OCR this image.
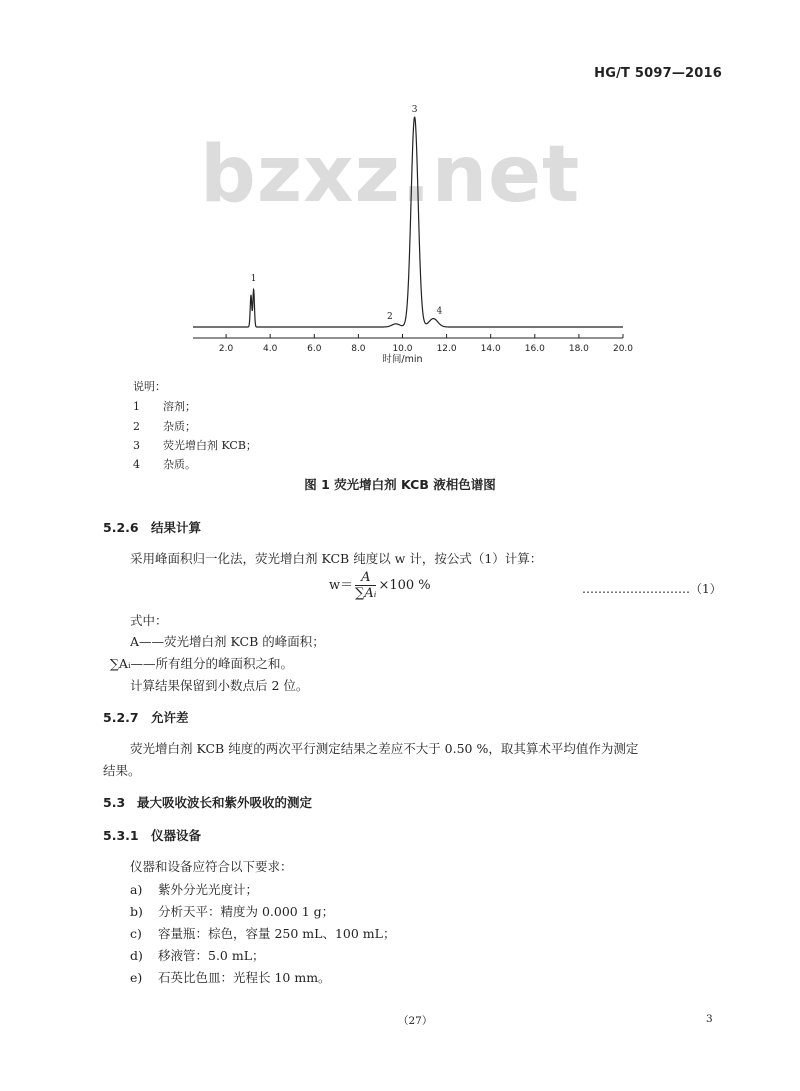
HG/T 5097—2016
bzxz.net
2.0	4.0	6.0	8.0	10.0	12.0	14.0	16.0	18.0	20.0
时间/min
1
2
3
4
说明：
1 溶剂；
2 杂质；
3 荧光增白剂 KCB；
4 杂质。
图 1 荧光增白剂 KCB 液相色谱图
5.2.6 结果计算
采用峰面积归一化法，荧光增白剂 KCB 纯度以 w 计，按公式（1）计算：
$w= \frac{A}{\text{∑Aᵢ}} \times 100$ %	………………………（1）
式中：
A——荧光增白剂 KCB 的峰面积；
∑Aᵢ——所有组分的峰面积之和。
计算结果保留到小数点后 2 位。
5.2.7 允许差
荧光增白剂 KCB 纯度的两次平行测定结果之差应不大于 0.50 %，取其算术平均值作为测定
结果。
5.3 最大吸收波长和紫外吸收的测定
5.3.1 仪器设备
仪器和设备应符合以下要求：
a) 紫外分光光度计；
b) 分析天平：精度为 0.000 1 g；
c) 容量瓶：棕色，容量 250 mL、100 mL；
d) 移液管：5.0 mL；
e) 石英比色皿：光程长 10 mm。
（27）	3
